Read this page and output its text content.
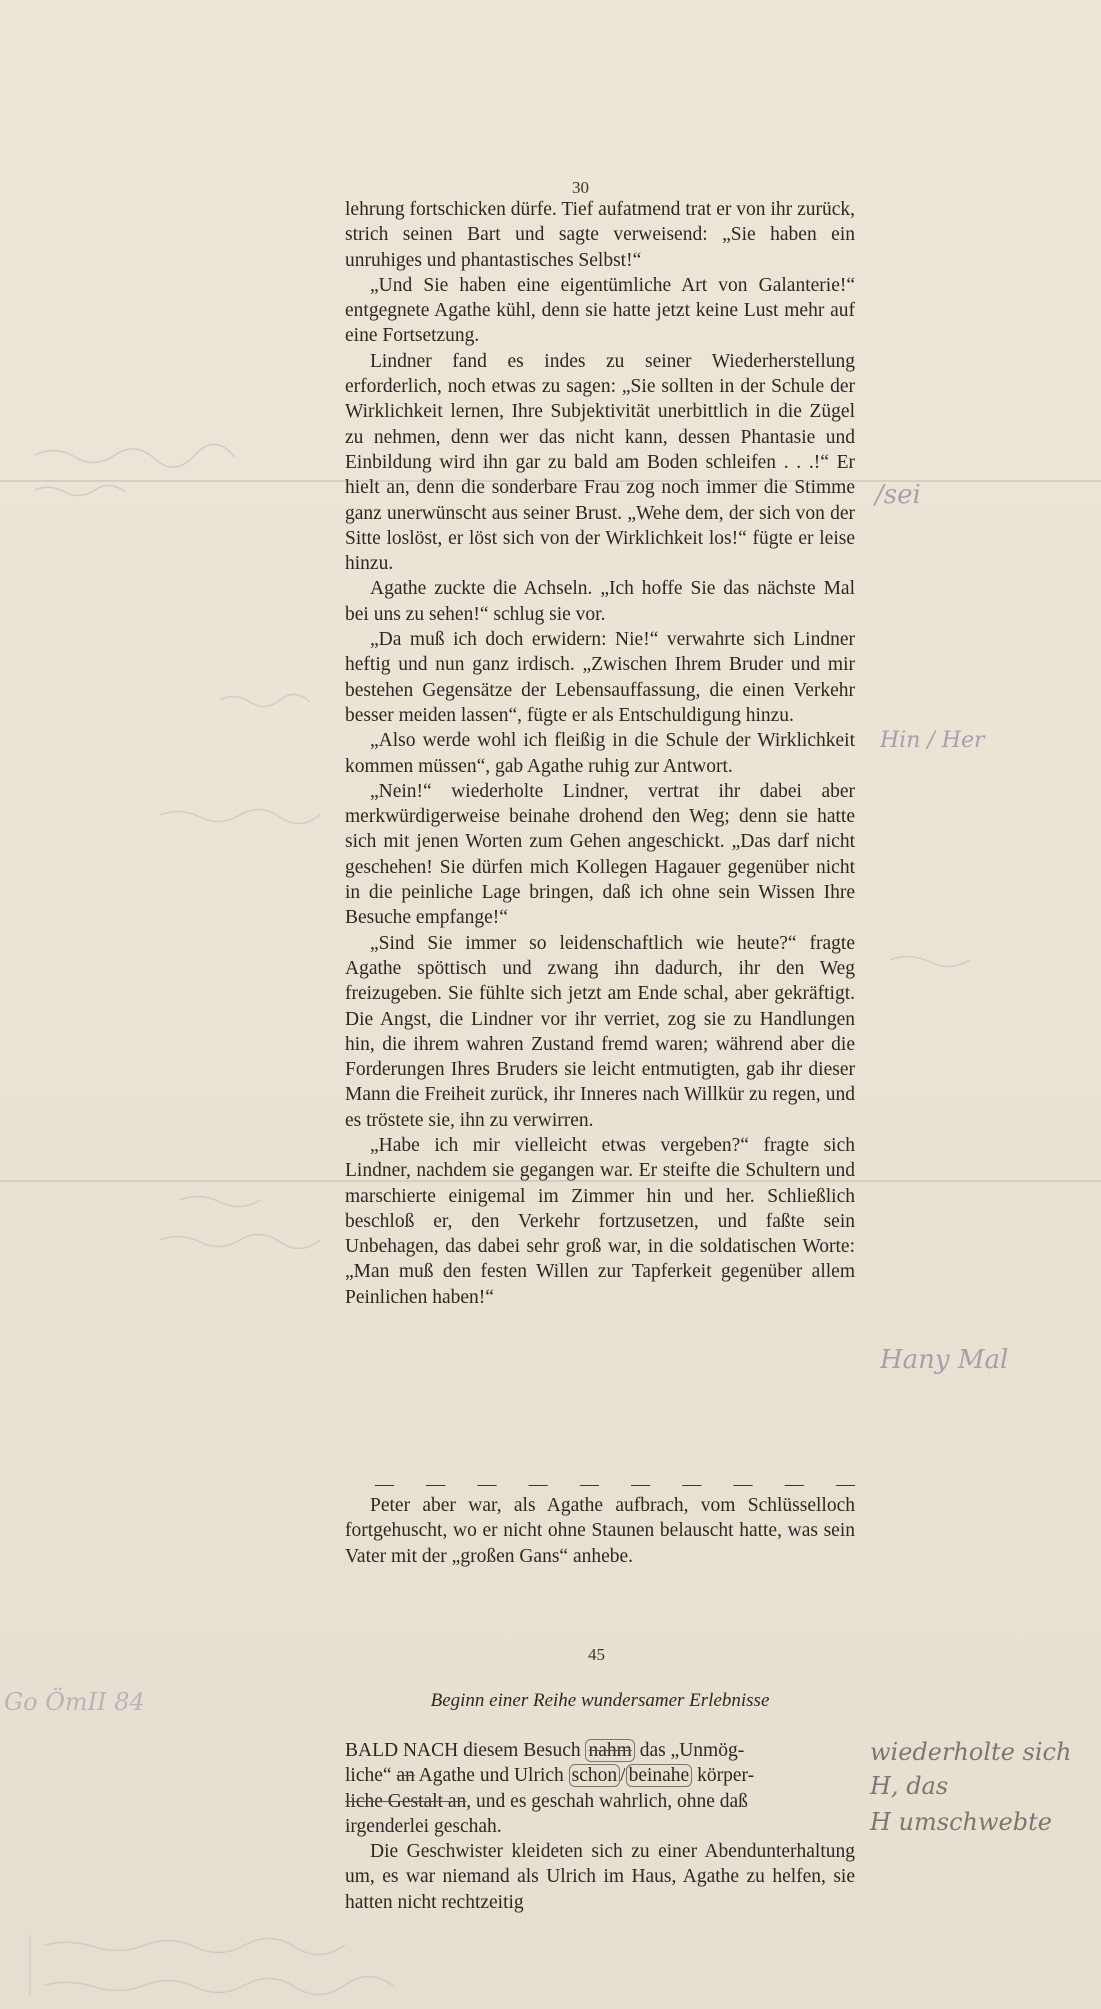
30

lehrung fortschicken dürfe. Tief aufatmend trat er von ihr zurück, strich seinen Bart und sagte verweisend: „Sie haben ein unruhiges und phantastisches Selbst!“

„Und Sie haben eine eigentümliche Art von Galanterie!“ entgegnete Agathe kühl, denn sie hatte jetzt keine Lust mehr auf eine Fortsetzung.

Lindner fand es indes zu seiner Wiederherstellung erforderlich, noch etwas zu sagen: „Sie sollten in der Schule der Wirklichkeit lernen, Ihre Subjektivität unerbittlich in die Zügel zu nehmen, denn wer das nicht kann, dessen Phantasie und Einbildung wird ihn gar zu bald am Boden schleifen . . .!“ Er hielt an, denn die sonderbare Frau zog noch immer die Stimme ganz unerwünscht aus seiner Brust. „Wehe dem, der sich von der Sitte loslöst, er löst sich von der Wirklichkeit los!“ fügte er leise hinzu.

Agathe zuckte die Achseln. „Ich hoffe Sie das nächste Mal bei uns zu sehen!“ schlug sie vor.

„Da muß ich doch erwidern: Nie!“ verwahrte sich Lindner heftig und nun ganz irdisch. „Zwischen Ihrem Bruder und mir bestehen Gegensätze der Lebensauffassung, die einen Verkehr besser meiden lassen“, fügte er als Entschuldigung hinzu.

„Also werde wohl ich fleißig in die Schule der Wirklichkeit kommen müssen“, gab Agathe ruhig zur Antwort.

„Nein!“ wiederholte Lindner, vertrat ihr dabei aber merkwürdigerweise beinahe drohend den Weg; denn sie hatte sich mit jenen Worten zum Gehen angeschickt. „Das darf nicht geschehen! Sie dürfen mich Kollegen Hagauer gegenüber nicht in die peinliche Lage bringen, daß ich ohne sein Wissen Ihre Besuche empfange!“

„Sind Sie immer so leidenschaftlich wie heute?“ fragte Agathe spöttisch und zwang ihn dadurch, ihr den Weg freizugeben. Sie fühlte sich jetzt am Ende schal, aber gekräftigt. Die Angst, die Lindner vor ihr verriet, zog sie zu Handlungen hin, die ihrem wahren Zustand fremd waren; während aber die Forderungen Ihres Bruders sie leicht entmutigten, gab ihr dieser Mann die Freiheit zurück, ihr Inneres nach Willkür zu regen, und es tröstete sie, ihn zu verwirren.

„Habe ich mir vielleicht etwas vergeben?“ fragte sich Lindner, nachdem sie gegangen war. Er steifte die Schultern und marschierte einigemal im Zimmer hin und her. Schließlich beschloß er, den Verkehr fortzusetzen, und faßte sein Unbehagen, das dabei sehr groß war, in die soldatischen Worte: „Man muß den festen Willen zur Tapferkeit gegenüber allem Peinlichen haben!“

— — — — — — — — — —

Peter aber war, als Agathe aufbrach, vom Schlüsselloch fortgehuscht, wo er nicht ohne Staunen belauscht hatte, was sein Vater mit der „großen Gans“ anhebe.

45
Beginn einer Reihe wundersamer Erlebnisse

BALD NACH diesem Besuch nahm das „Unmög-
liche“ an Agathe und Ulrich schon / beinahe körper-
liche Gestalt an, und es geschah wahrlich, ohne daß
irgenderlei geschah.

Die Geschwister kleideten sich zu einer Abendunterhaltung um, es war niemand als Ulrich im Haus, Agathe zu helfen, sie hatten nicht rechtzeitig

/sei
Hin / Her
Hany Mal
wiederholte sich
H, das
H umschwebte
Go ÖmII 84
